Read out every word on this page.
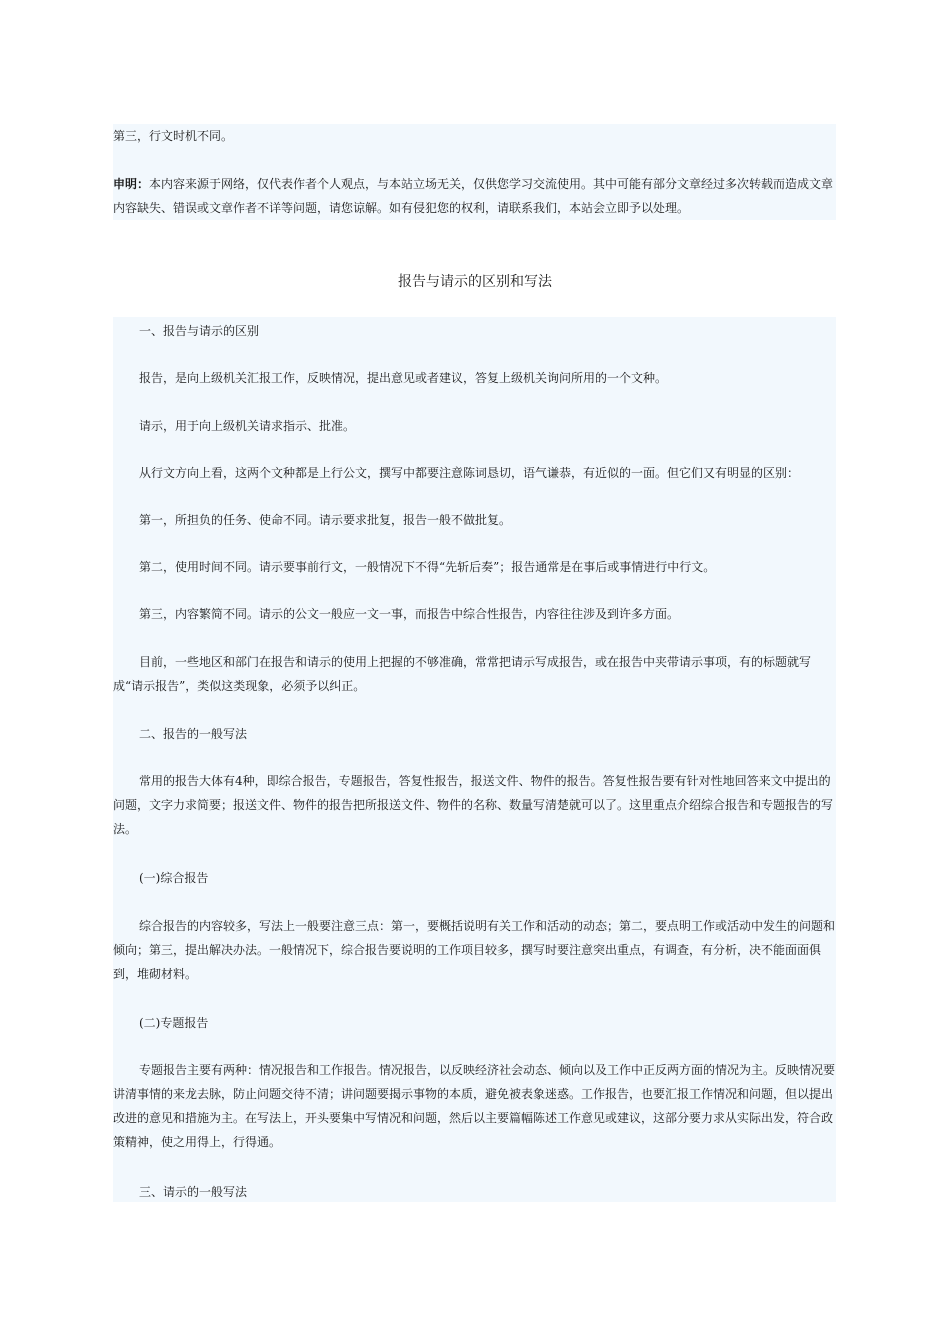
第三，行文时机不同。
申明：本内容来源于网络，仅代表作者个人观点，与本站立场无关，仅供您学习交流使用。其中可能有部分文章经过多次转载而造成文章内容缺失、错误或文章作者不详等问题，请您谅解。如有侵犯您的权利，请联系我们，本站会立即予以处理。
报告与请示的区别和写法
一、报告与请示的区别
报告，是向上级机关汇报工作，反映情况，提出意见或者建议，答复上级机关询问所用的一个文种。
请示，用于向上级机关请求指示、批准。
从行文方向上看，这两个文种都是上行公文，撰写中都要注意陈词恳切，语气谦恭，有近似的一面。但它们又有明显的区别：
第一，所担负的任务、使命不同。请示要求批复，报告一般不做批复。
第二，使用时间不同。请示要事前行文，一般情况下不得“先斩后奏”；报告通常是在事后或事情进行中行文。
第三，内容繁简不同。请示的公文一般应一文一事，而报告中综合性报告，内容往往涉及到许多方面。
目前，一些地区和部门在报告和请示的使用上把握的不够准确，常常把请示写成报告，或在报告中夹带请示事项，有的标题就写成“请示报告”，类似这类现象，必须予以纠正。
二、报告的一般写法
常用的报告大体有4种，即综合报告，专题报告，答复性报告，报送文件、物件的报告。答复性报告要有针对性地回答来文中提出的问题，文字力求简要；报送文件、物件的报告把所报送文件、物件的名称、数量写清楚就可以了。这里重点介绍综合报告和专题报告的写法。
(一)综合报告
综合报告的内容较多，写法上一般要注意三点：第一，要概括说明有关工作和活动的动态；第二，要点明工作或活动中发生的问题和倾向；第三，提出解决办法。一般情况下，综合报告要说明的工作项目较多，撰写时要注意突出重点，有调查，有分析，决不能面面俱到，堆砌材料。
(二)专题报告
专题报告主要有两种：情况报告和工作报告。情况报告，以反映经济社会动态、倾向以及工作中正反两方面的情况为主。反映情况要讲清事情的来龙去脉，防止问题交待不清；讲问题要揭示事物的本质，避免被表象迷惑。工作报告，也要汇报工作情况和问题，但以提出改进的意见和措施为主。在写法上，开头要集中写情况和问题，然后以主要篇幅陈述工作意见或建议，这部分要力求从实际出发，符合政策精神，使之用得上，行得通。
三、请示的一般写法
